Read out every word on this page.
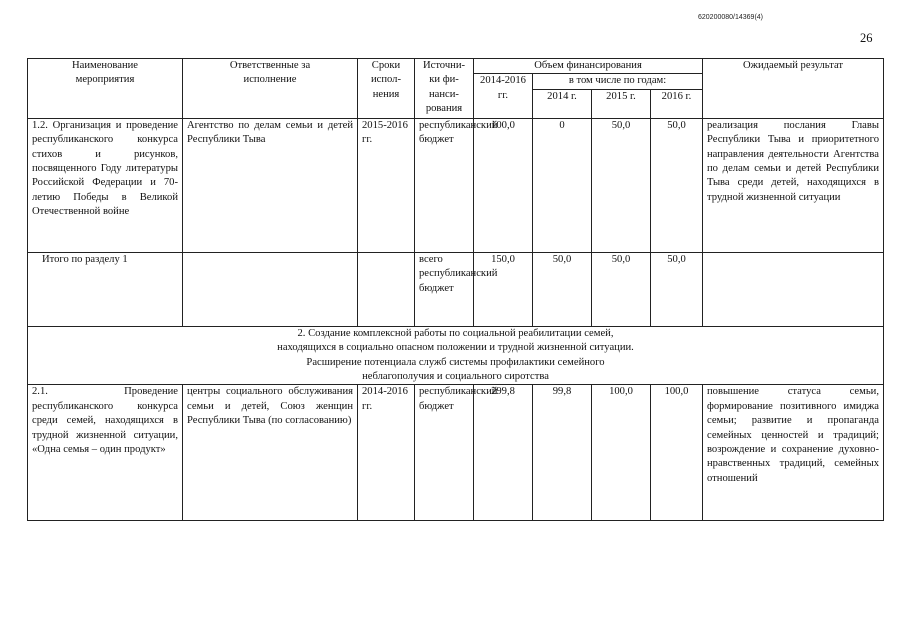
620200080/14369(4)
26
Наименование мероприятия	Ответственные за исполнение	Сроки испол-нения	Источни-ки фи-нанси-рования	Объем финансирования				Ожидаемый результат
				2014-2016 гг.	в том числе по годам:			
					2014 г.	2015 г.	2016 г.	
1.2. Организация и проведение республиканского конкурса стихов и рисунков, посвященного Году литературы Российской Федерации и 70-летию Победы в Великой Отечественной войне	Агентство по делам семьи и детей Республики Тыва	2015-2016 гг.	республиканский бюджет	100,0	0	50,0	50,0	реализация послания Главы Республики Тыва и приоритетного направления деятельности Агентства по делам семьи и детей Республики Тыва среди детей, находящихся в трудной жизненной ситуации
Итого по разделу 1			всего республиканский бюджет	150,0	50,0	50,0	50,0	

2. Создание комплексной работы по социальной реабилитации семей,
находящихся в социально опасном положении и трудной жизненной ситуации.
Расширение потенциала служб системы профилактики семейного
неблагополучия и социального сиротства								

2.1. Проведение республиканского конкурса среди семей, находящихся в трудной жизненной ситуации, «Одна семья – один продукт»	центры социального обслуживания семьи и детей, Союз женщин Республики Тыва (по согласованию)	2014-2016 гг.	республиканский бюджет	299,8	99,8	100,0	100,0	повышение статуса семьи, формирование позитивного имиджа семьи; развитие и пропаганда семейных ценностей и традиций; возрождение и сохранение духовно-нравственных традиций, семейных отношений
